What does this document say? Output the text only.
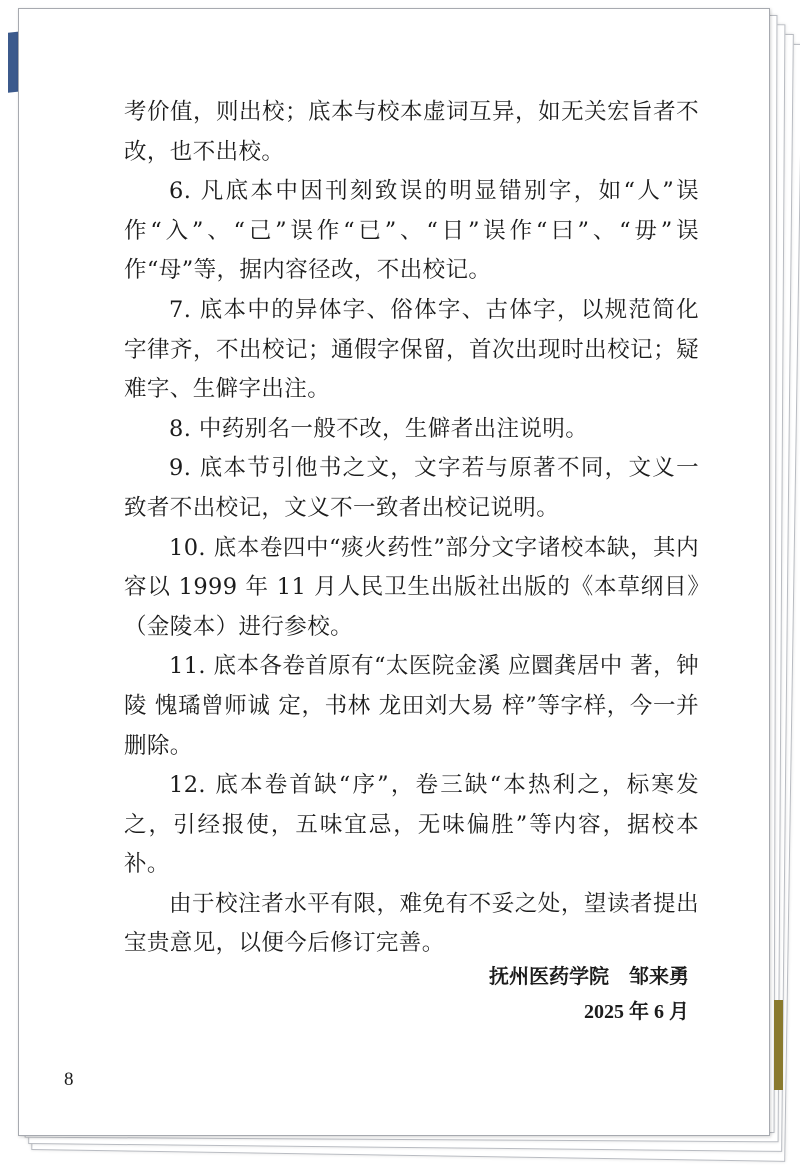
考价值，则出校；底本与校本虚词互异，如无关宏旨者不改，也不出校。

6. 凡底本中因刊刻致误的明显错别字，如“人”误作“入”、“己”误作“已”、“日”误作“曰”、“毋”误作“母”等，据内容径改，不出校记。

7. 底本中的异体字、俗体字、古体字，以规范简化字律齐，不出校记；通假字保留，首次出现时出校记；疑难字、生僻字出注。

8. 中药别名一般不改，生僻者出注说明。

9. 底本节引他书之文，文字若与原著不同，文义一致者不出校记，文义不一致者出校记说明。

10. 底本卷四中“痰火药性”部分文字诸校本缺，其内容以 1999 年 11 月人民卫生出版社出版的《本草纲目》（金陵本）进行参校。

11. 底本各卷首原有“太医院金溪 应圜龚居中 著，钟陵 愧璚曾师诚 定，书林 龙田刘大易 梓”等字样，今一并删除。

12. 底本卷首缺“序”，卷三缺“本热利之，标寒发之，引经报使，五味宜忌，无味偏胜”等内容，据校本补。

由于校注者水平有限，难免有不妥之处，望读者提出宝贵意见，以便今后修订完善。

抚州医药学院　邹来勇
2025 年 6 月
8
